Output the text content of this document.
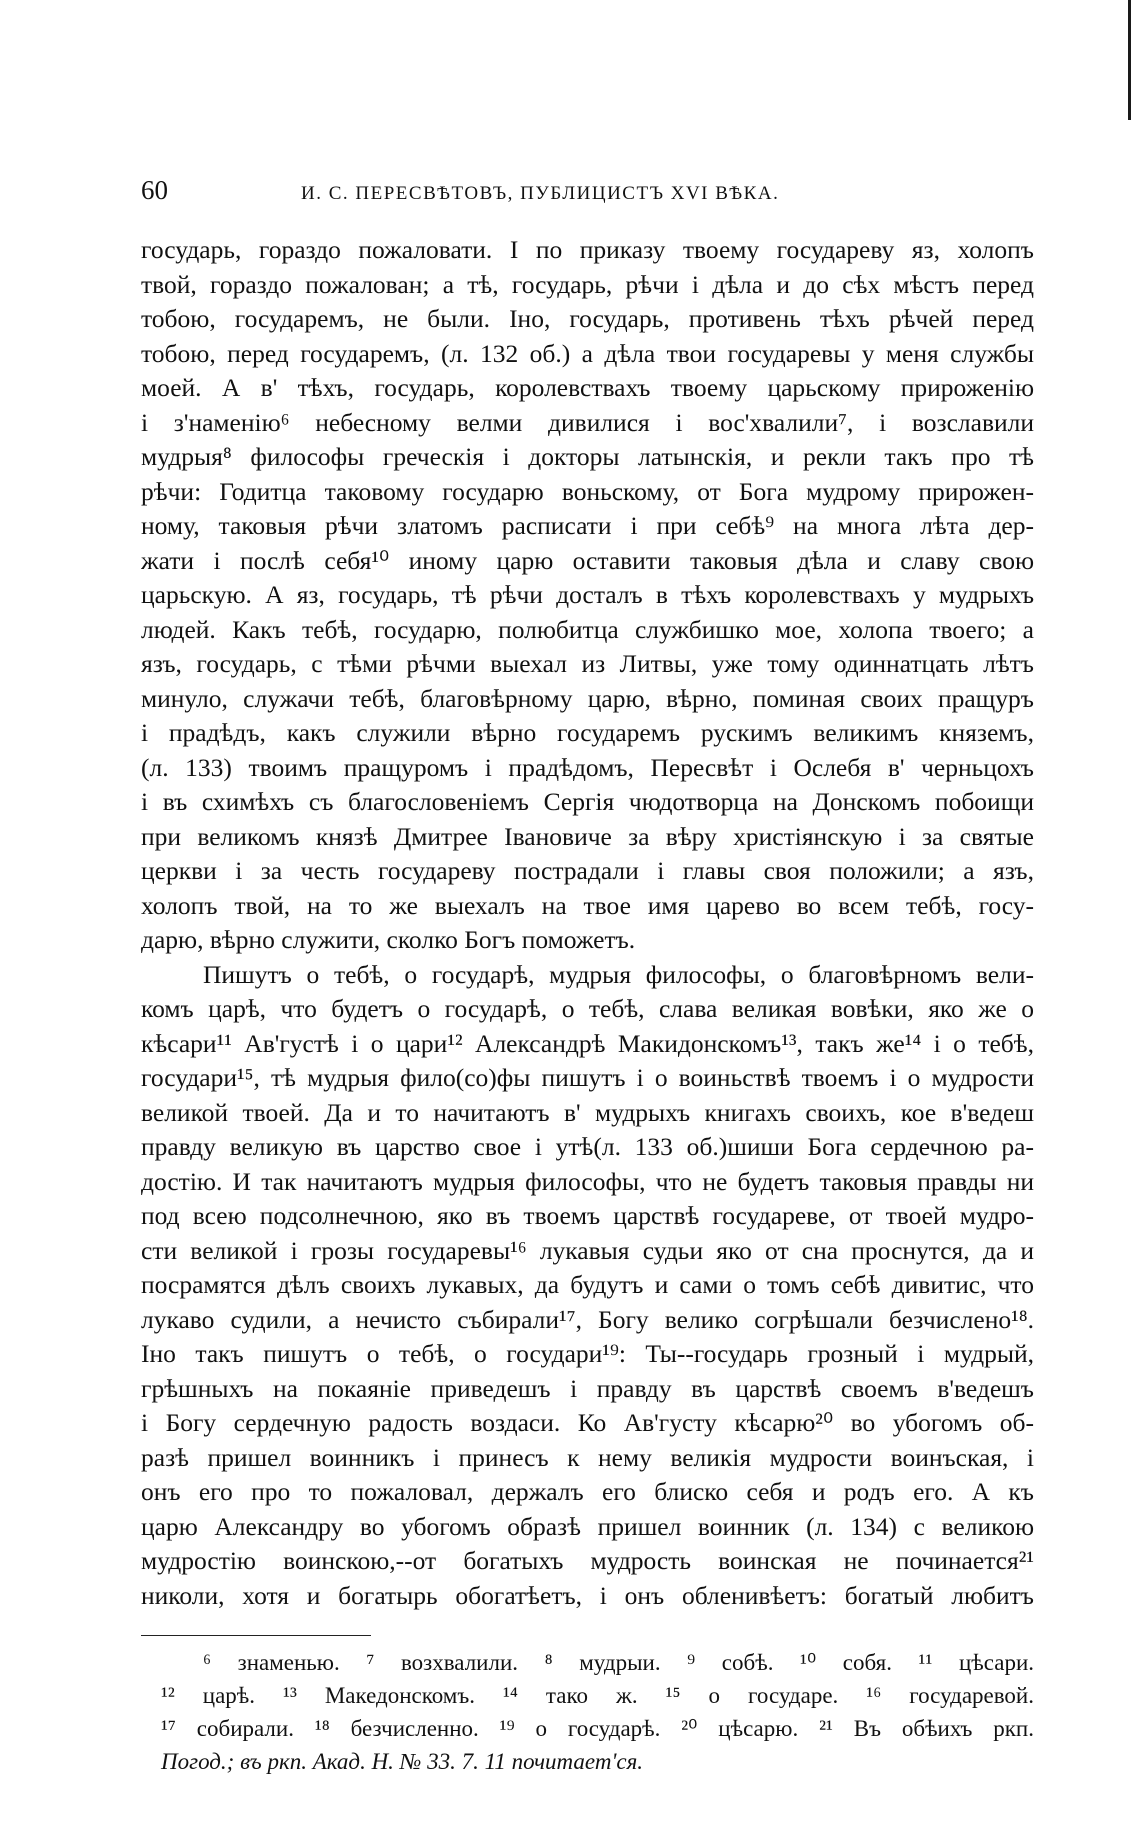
60	И. С. ПЕРЕСВѢТОВЪ, ПУБЛИЦИСТЪ XVI ВѢКА.
государь, гораздо пожаловати. І по приказу твоему государеву яз, холопъ
твой, гораздо пожалован; а тѣ, государь, рѣчи і дѣла и до сѣх мѣстъ перед
тобою, государемъ, не были. Іно, государь, противень тѣхъ рѣчей перед
тобою, перед государемъ, (л. 132 об.) а дѣла твои государевы у меня службы
моей. А в' тѣхъ, государь, королевствахъ твоему царьскому прироженію
і з'наменію⁶ небесному велми дивилися і вос'хвалили⁷, і возславили
мудрыя⁸ философы греческія і докторы латынскія, и рекли такъ про тѣ
рѣчи: Годитца таковому государю воньскому, от Бога мудрому прирожен-
ному, таковыя рѣчи златомъ расписати і при себѣ⁹ на многа лѣта дер-
жати і послѣ себя¹⁰ иному царю оставити таковыя дѣла и славу свою
царьскую. А яз, государь, тѣ рѣчи досталъ в тѣхъ королевствахъ у мудрыхъ
людей. Какъ тебѣ, государю, полюбитца службишко мое, холопа твоего; а
язъ, государь, с тѣми рѣчми выехал из Литвы, уже тому одиннатцать лѣтъ
минуло, служачи тебѣ, благовѣрному царю, вѣрно, поминая своих пращуръ
і прадѣдъ, какъ служили вѣрно государемъ рускимъ великимъ княземъ,
(л. 133) твоимъ пращуромъ і прадѣдомъ, Пересвѣт і Ослебя в' черньцохъ
і въ схимѣхъ съ благословеніемъ Сергія чюдотворца на Донскомъ побоищи
при великомъ князѣ Дмитрее Івановиче за вѣру христіянскую і за святые
церкви і за честь государеву пострадали і главы своя положили; а язъ,
холопъ твой, на то же выехалъ на твое имя царево во всем тебѣ, госу-
дарю, вѣрно служити, сколко Богъ поможетъ.
Пишутъ о тебѣ, о государѣ, мудрыя философы, о благовѣрномъ вели-
комъ царѣ, что будетъ о государѣ, о тебѣ, слава великая вовѣки, яко же о
кѣсари¹¹ Ав'густѣ і о цари¹² Александрѣ Макидонскомъ¹³, такъ же¹⁴ і о тебѣ,
государи¹⁵, тѣ мудрыя фило(со)фы пишутъ і о воиньствѣ твоемъ і о мудрости
великой твоей. Да и то начитаютъ в' мудрыхъ книгахъ своихъ, кое в'ведеш
правду великую въ царство свое і утѣ(л. 133 об.)шиши Бога сердечною ра-
достію. И так начитаютъ мудрыя философы, что не будетъ таковыя правды ни
под всею подсолнечною, яко въ твоемъ царствѣ государеве, от твоей мудро-
сти великой і грозы государевы¹⁶ лукавыя судьи яко от сна проснутся, да и
посрамятся дѣлъ своихъ лукавых, да будутъ и сами о томъ себѣ дивитис, что
лукаво судили, а нечисто събирали¹⁷, Богу велико согрѣшали безчислено¹⁸.
Іно такъ пишутъ о тебѣ, о государи¹⁹: Ты--государь грозный і мудрый,
грѣшныхъ на покаяніе приведешъ і правду въ царствѣ своемъ в'ведешъ
і Богу сердечную радость воздаси. Ко Ав'густу кѣсарю²⁰ во убогомъ об-
разѣ пришел воинникъ і принесъ к нему великія мудрости воинъская, і
онъ его про то пожаловал, держалъ его блиско себя и родъ его. А къ
царю Александру во убогомъ образѣ пришел воинник (л. 134) с великою
мудростію воинскою,--от богатыхъ мудрость воинская не починается²¹
николи, хотя и богатырь обогатѣетъ, і онъ обленивѣетъ: богатый любитъ
⁶ знаменью. ⁷ возхвалили. ⁸ мудрыи. ⁹ собѣ. ¹⁰ собя. ¹¹ цѣсари.
¹² царѣ. ¹³ Македонскомъ. ¹⁴ тако ж. ¹⁵ о государе. ¹⁶ государевой.
¹⁷ собирали. ¹⁸ безчисленно. ¹⁹ о государѣ. ²⁰ цѣсарю. ²¹ Въ обѣихъ ркп.
Погод.; въ ркп. Акад. Н. № 33. 7. 11 почитает'ся.
